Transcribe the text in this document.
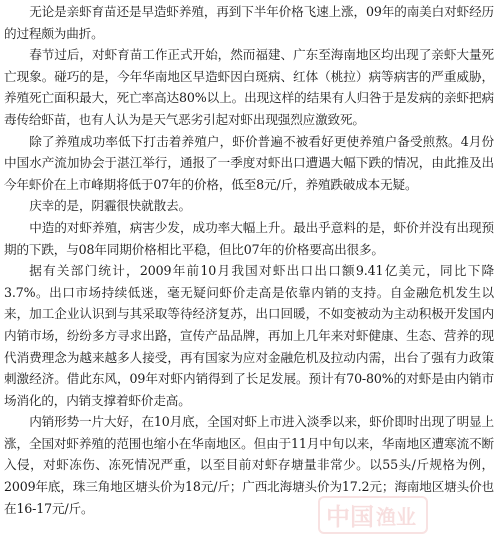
无论是亲虾育苗还是早造虾养殖，再到下半年价格飞速上涨，09年的南美白对虾经历的过程颇为曲折。

春节过后，对虾育苗工作正式开始，然而福建、广东至海南地区均出现了亲虾大量死亡现象。碰巧的是，今年华南地区早造虾因白斑病、红体（桃拉）病等病害的严重威胁，养殖死亡面积最大，死亡率高达80%以上。出现这样的结果有人归咎于是发病的亲虾把病毒传给虾苗，也有人认为是天气恶劣引起对虾出现强烈应激致死。

除了养殖成功率低下打击着养殖户，虾价普遍不被看好更使养殖户备受煎熬。4月份中国水产流加协会于湛江举行，通报了一季度对虾出口遭遇大幅下跌的情况，由此推及出今年虾价在上市峰期将低于07年的价格，低至8元/斤，养殖跌破成本无疑。

庆幸的是，阴霾很快就散去。

中造的对虾养殖，病害少发，成功率大幅上升。最出乎意料的是，虾价并没有出现预期的下跌，与08年同期价格相比平稳，但比07年的价格要高出很多。

据有关部门统计，2009年前10月我国对虾出口出口额9.41亿美元，同比下降3.7%。出口市场持续低迷，毫无疑问虾价走高是依靠内销的支持。自金融危机发生以来，加工企业认识到与其采取等待经济复苏，出口回暖，不如变被动为主动积极开发国内内销市场，纷纷多方寻求出路，宣传产品品牌，再加上几年来对虾健康、生态、营养的现代消费理念为越来越多人接受，再有国家为应对金融危机及拉动内需，出台了强有力政策刺激经济。借此东风，09年对虾内销得到了长足发展。预计有70-80%的对虾是由内销市场消化的，内销支撑着虾价走高。

内销形势一片大好，在10月底，全国对虾上市进入淡季以来，虾价即时出现了明显上涨，全国对虾养殖的范围也缩小在华南地区。但由于11月中旬以来，华南地区遭寒流不断入侵，对虾冻伤、冻死情况严重，以至目前对虾存塘量非常少。以55头/斤规格为例，2009年底，珠三角地区塘头价为18元/斤；广西北海塘头价为17.2元；海南地区塘头价也在16-17元/斤。	中国 渔业
